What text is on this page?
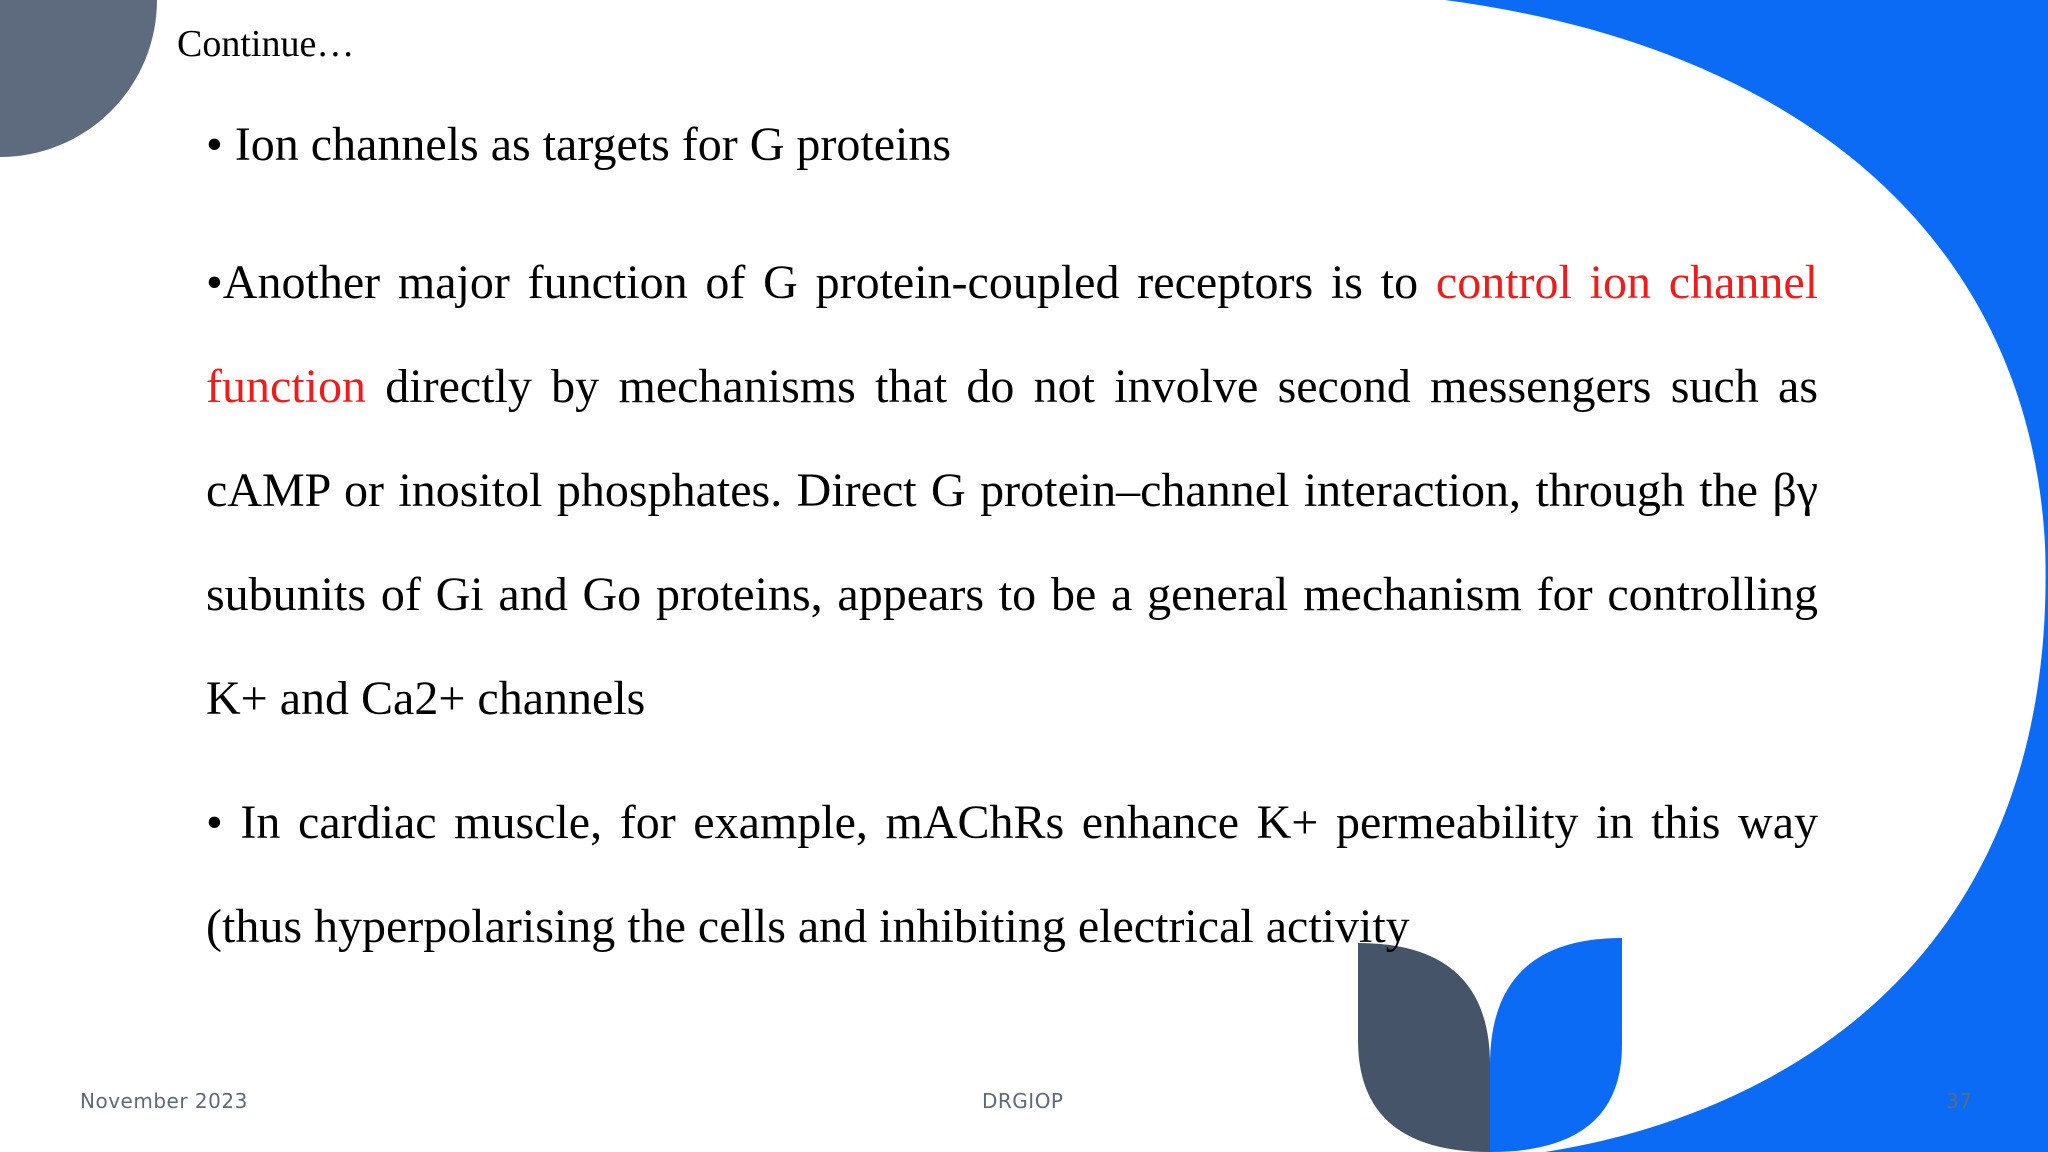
Continue…

• Ion channels as targets for G proteins

•Another major function of G protein-coupled receptors is to control ion channel function directly by mechanisms that do not involve second messengers such as cAMP or inositol phosphates. Direct G protein–channel interaction, through the βγ subunits of Gi and Go proteins, appears to be a general mechanism for controlling K+ and Ca2+ channels

• In cardiac muscle, for example, mAChRs enhance K+ permeability in this way (thus hyperpolarising the cells and inhibiting electrical activity

November 2023	DRGIOP	37
